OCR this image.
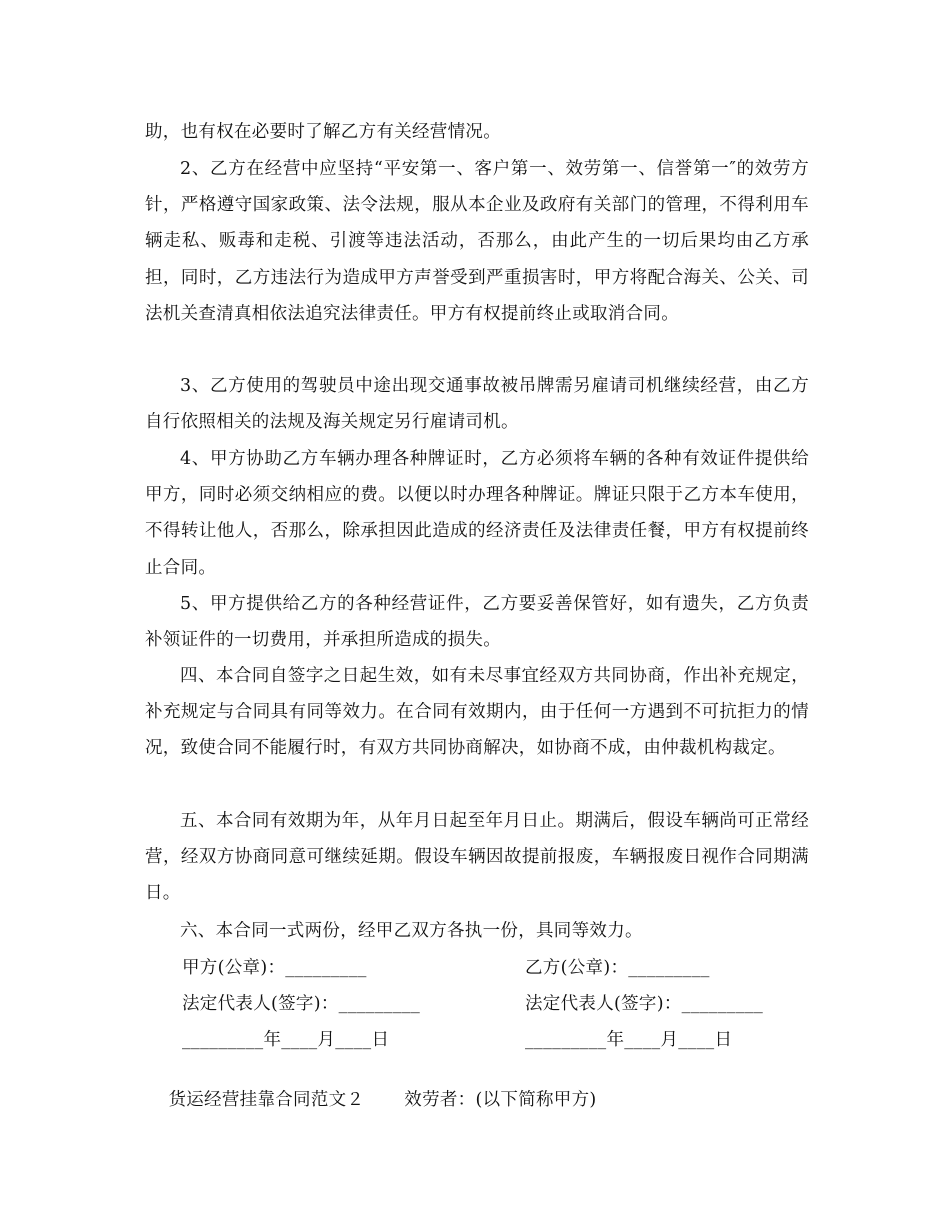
助，也有权在必要时了解乙方有关经营情况。

2、乙方在经营中应坚持“平安第一、客户第一、效劳第一、信誉第一″的效劳方针，严格遵守国家政策、法令法规，服从本企业及政府有关部门的管理，不得利用车辆走私、贩毒和走税、引渡等违法活动，否那么，由此产生的一切后果均由乙方承担，同时，乙方违法行为造成甲方声誉受到严重损害时，甲方将配合海关、公关、司法机关查清真相依法追究法律责任。甲方有权提前终止或取消合同。

3、乙方使用的驾驶员中途出现交通事故被吊牌需另雇请司机继续经营，由乙方自行依照相关的法规及海关规定另行雇请司机。

4、甲方协助乙方车辆办理各种牌证时，乙方必须将车辆的各种有效证件提供给甲方，同时必须交纳相应的费。以便以时办理各种牌证。牌证只限于乙方本车使用，不得转让他人，否那么，除承担因此造成的经济责任及法律责任餐，甲方有权提前终止合同。

5、甲方提供给乙方的各种经营证件，乙方要妥善保管好，如有遗失，乙方负责补领证件的一切费用，并承担所造成的损失。

四、本合同自签字之日起生效，如有未尽事宜经双方共同协商，作出补充规定，补充规定与合同具有同等效力。在合同有效期内，由于任何一方遇到不可抗拒力的情况，致使合同不能履行时，有双方共同协商解决，如协商不成，由仲裁机构裁定。

五、本合同有效期为年，从年月日起至年月日止。期满后，假设车辆尚可正常经营，经双方协商同意可继续延期。假设车辆因故提前报废，车辆报废日视作合同期满日。

六、本合同一式两份，经甲乙双方各执一份，具同等效力。

甲方(公章)：_________	乙方(公章)：_________
法定代表人(签字)：_________	法定代表人(签字)：_________
_________年____月____日	_________年____月____日

货运经营挂靠合同范文２ 效劳者：(以下简称甲方)
